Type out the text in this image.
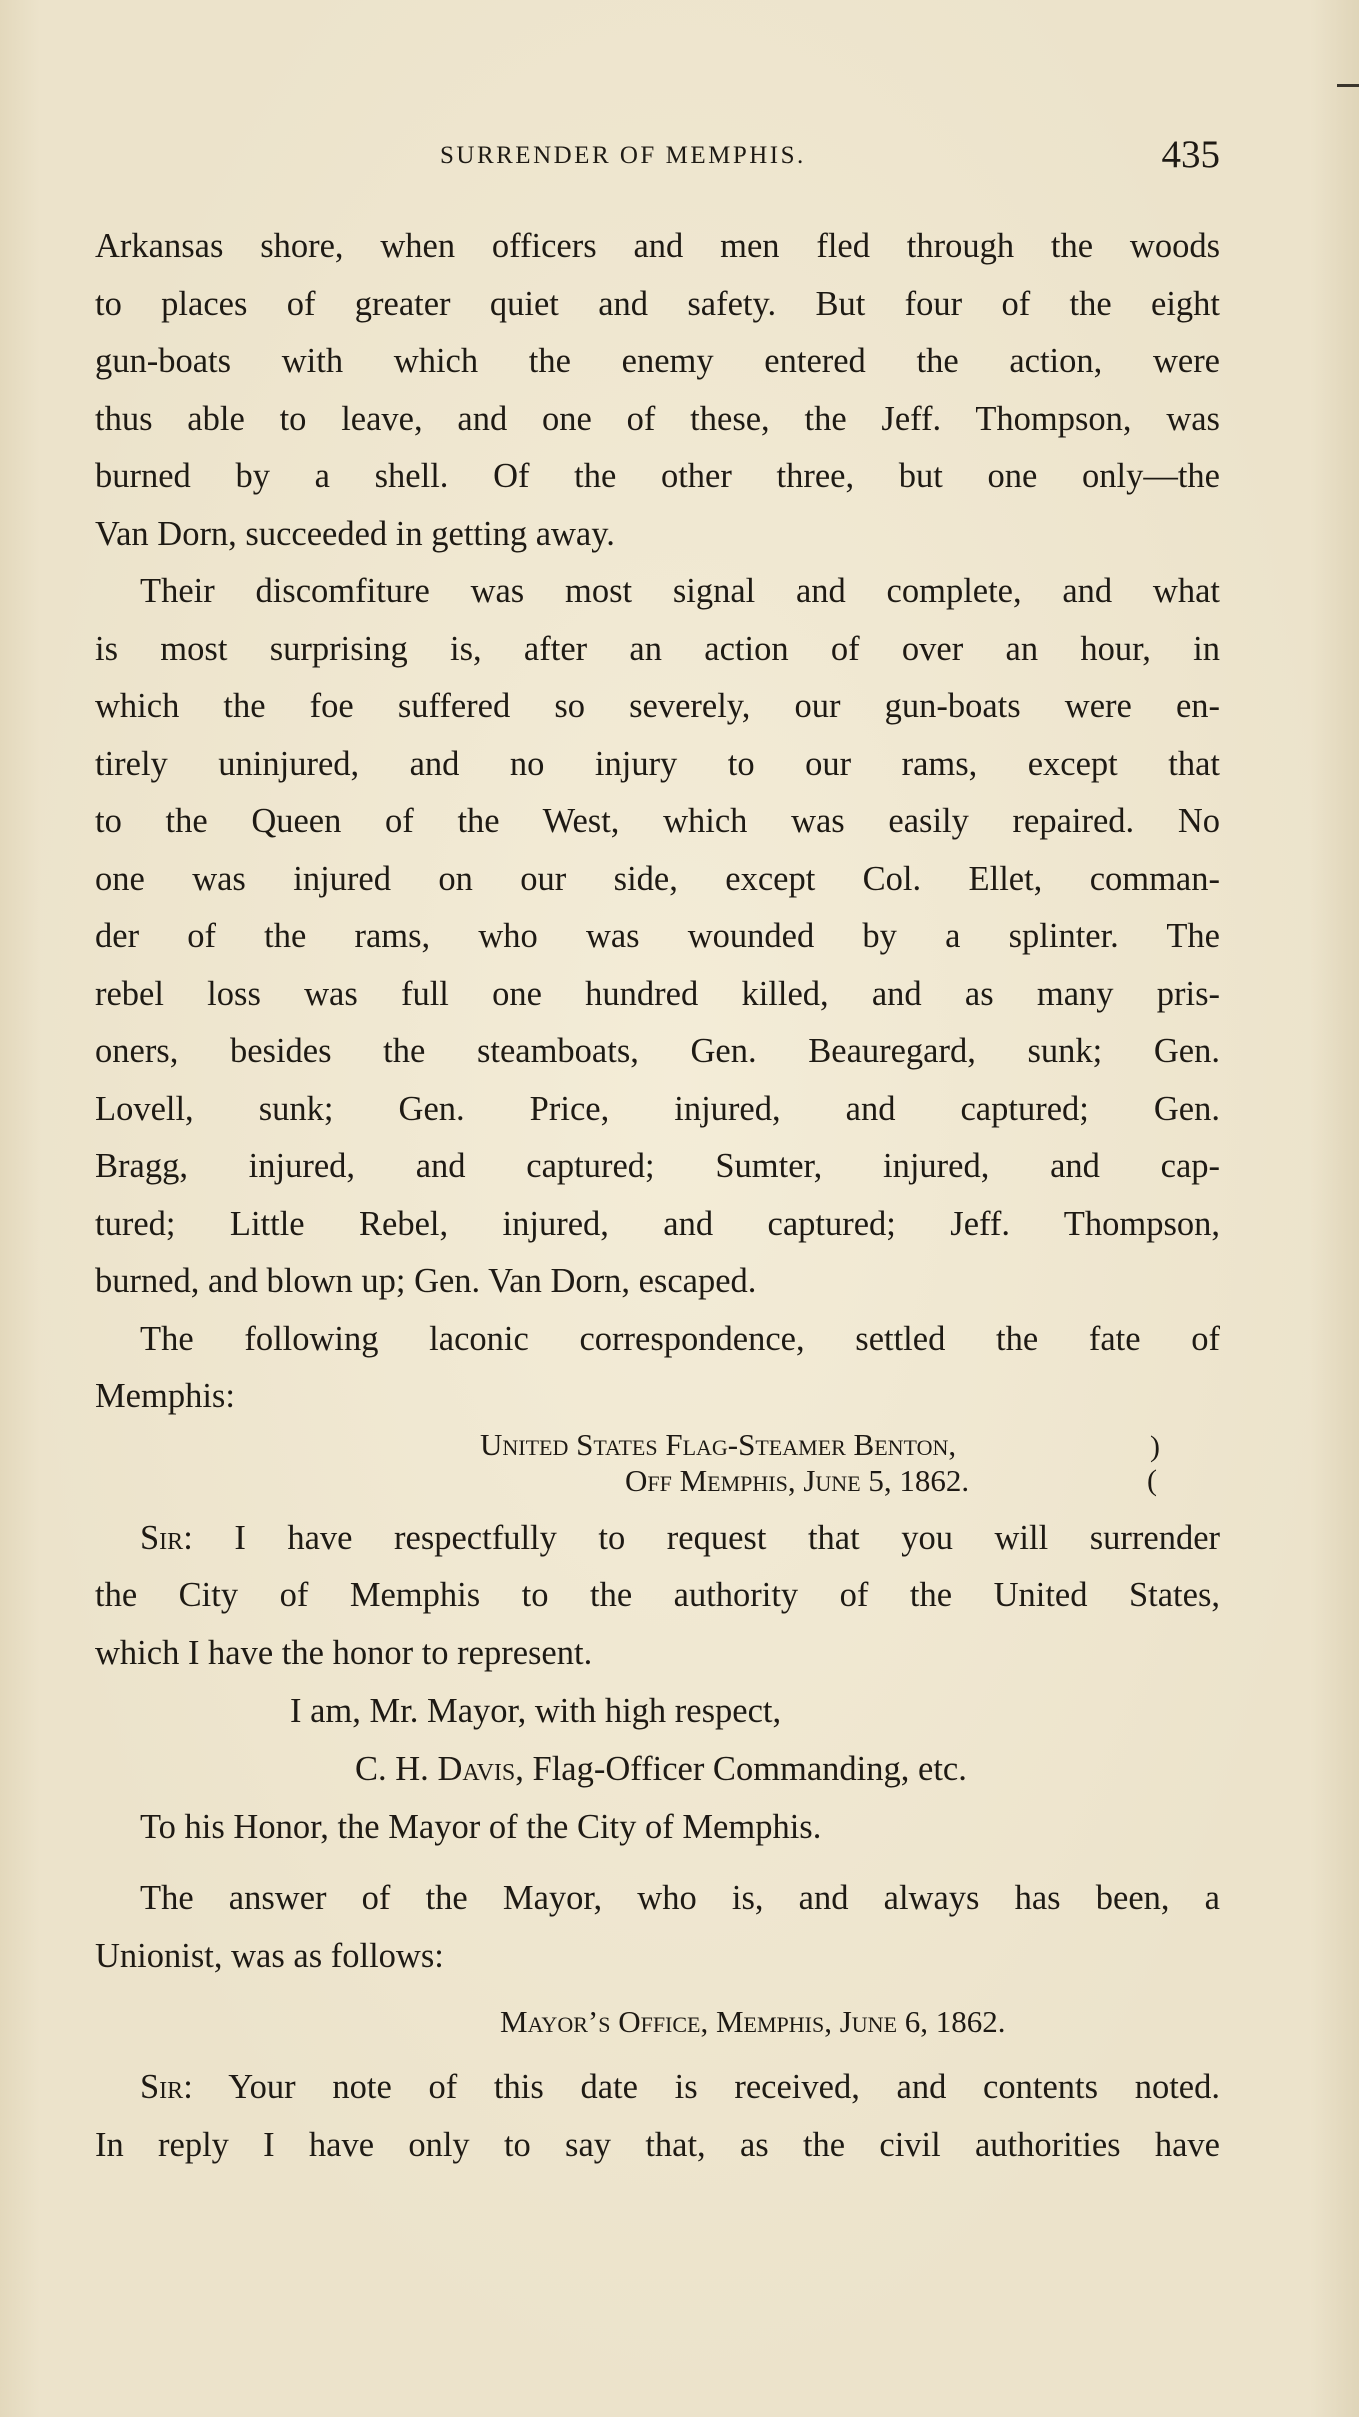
SURRENDER OF MEMPHIS.	435
Arkansas shore, when officers and men fled through the woods
to places of greater quiet and safety. But four of the eight
gun-boats with which the enemy entered the action, were
thus able to leave, and one of these, the Jeff. Thompson, was
burned by a shell. Of the other three, but one only—the
Van Dorn, succeeded in getting away.
Their discomfiture was most signal and complete, and what
is most surprising is, after an action of over an hour, in
which the foe suffered so severely, our gun-boats were en-
tirely uninjured, and no injury to our rams, except that
to the Queen of the West, which was easily repaired. No
one was injured on our side, except Col. Ellet, comman-
der of the rams, who was wounded by a splinter. The
rebel loss was full one hundred killed, and as many pris-
oners, besides the steamboats, Gen. Beauregard, sunk; Gen.
Lovell, sunk; Gen. Price, injured, and captured; Gen.
Bragg, injured, and captured; Sumter, injured, and cap-
tured; Little Rebel, injured, and captured; Jeff. Thompson,
burned, and blown up; Gen. Van Dorn, escaped.
The following laconic correspondence, settled the fate of
Memphis:
United States Flag-Steamer Benton,
Off Memphis, June 5, 1862.
)
(
Sir: I have respectfully to request that you will surrender
the City of Memphis to the authority of the United States,
which I have the honor to represent.
I am, Mr. Mayor, with high respect,
C. H. Davis, Flag-Officer Commanding, etc.
To his Honor, the Mayor of the City of Memphis.
The answer of the Mayor, who is, and always has been, a
Unionist, was as follows:
Mayor’s Office, Memphis, June 6, 1862.
Sir: Your note of this date is received, and contents noted.
In reply I have only to say that, as the civil authorities have
